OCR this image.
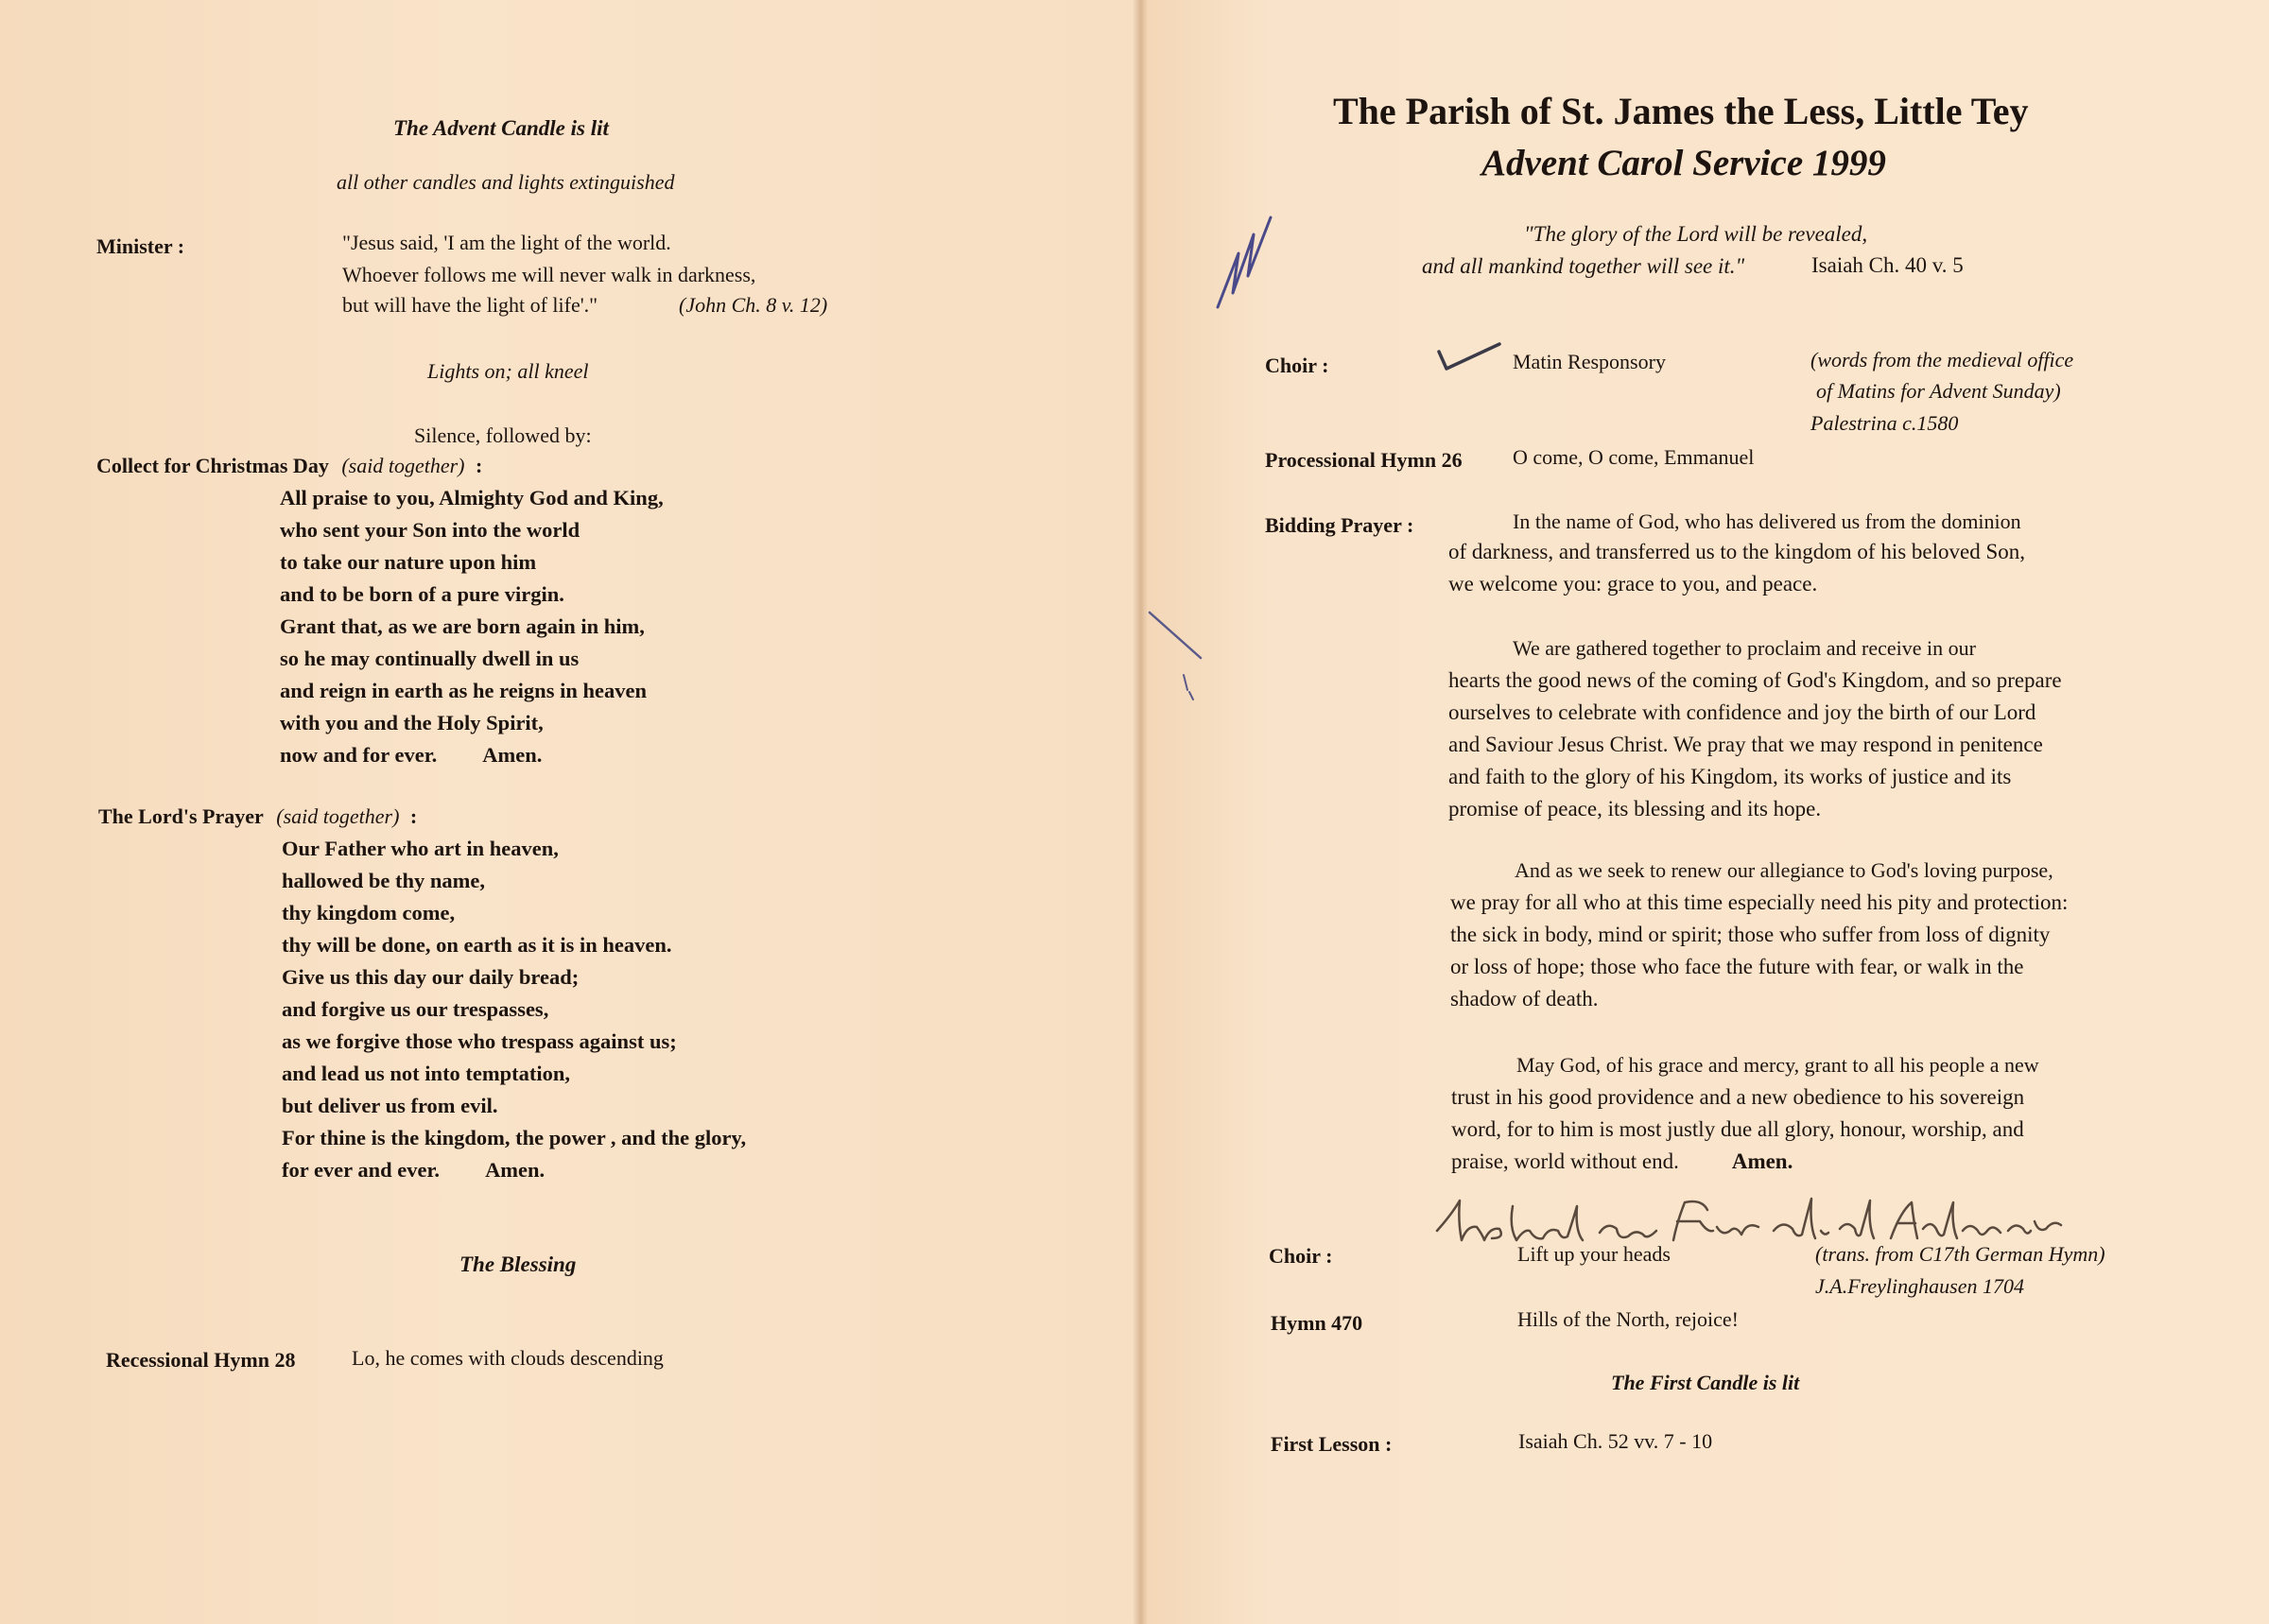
The Advent Candle is lit
all other candles and lights extinguished
Minister :	"Jesus said, 'I am the light of the world.
Whoever follows me will never walk in darkness,
but will have the light of life'."	(John Ch. 8 v. 12)
Lights on; all kneel
Silence, followed by:
Collect for Christmas Day (said together) :
All praise to you, Almighty God and King,
who sent your Son into the world
to take our nature upon him
and to be born of a pure virgin.
Grant that, as we are born again in him,
so he may continually dwell in us
and reign in earth as he reigns in heaven
with you and the Holy Spirit,
now and for ever. Amen.
The Lord's Prayer (said together) :
Our Father who art in heaven,
hallowed be thy name,
thy kingdom come,
thy will be done, on earth as it is in heaven.
Give us this day our daily bread;
and forgive us our trespasses,
as we forgive those who trespass against us;
and lead us not into temptation,
but deliver us from evil.
For thine is the kingdom, the power , and the glory,
for ever and ever. Amen.
The Blessing
Recessional Hymn 28	Lo, he comes with clouds descending
The Parish of St. James the Less, Little Tey
Advent Carol Service 1999
"The glory of the Lord will be revealed,
and all mankind together will see it."	Isaiah Ch. 40 v. 5
Choir :	Matin Responsory	(words from the medieval office
of Matins for Advent Sunday)
Palestrina c.1580
Processional Hymn 26 O come, O come, Emmanuel
Bidding Prayer :	In the name of God, who has delivered us from the dominion
of darkness, and transferred us to the kingdom of his beloved Son,
we welcome you: grace to you, and peace.
We are gathered together to proclaim and receive in our
hearts the good news of the coming of God's Kingdom, and so prepare
ourselves to celebrate with confidence and joy the birth of our Lord
and Saviour Jesus Christ. We pray that we may respond in penitence
and faith to the glory of his Kingdom, its works of justice and its
promise of peace, its blessing and its hope.
And as we seek to renew our allegiance to God's loving purpose,
we pray for all who at this time especially need his pity and protection:
the sick in body, mind or spirit; those who suffer from loss of dignity
or loss of hope; those who face the future with fear, or walk in the
shadow of death.
May God, of his grace and mercy, grant to all his people a new
trust in his good providence and a new obedience to his sovereign
word, for to him is most justly due all glory, honour, worship, and
praise, world without end. Amen.
Choir :	Lift up your heads	(trans. from C17th German Hymn)
J.A.Freylinghausen 1704
Hymn 470	Hills of the North, rejoice!
The First Candle is lit
First Lesson :	Isaiah Ch. 52 vv. 7 - 10
